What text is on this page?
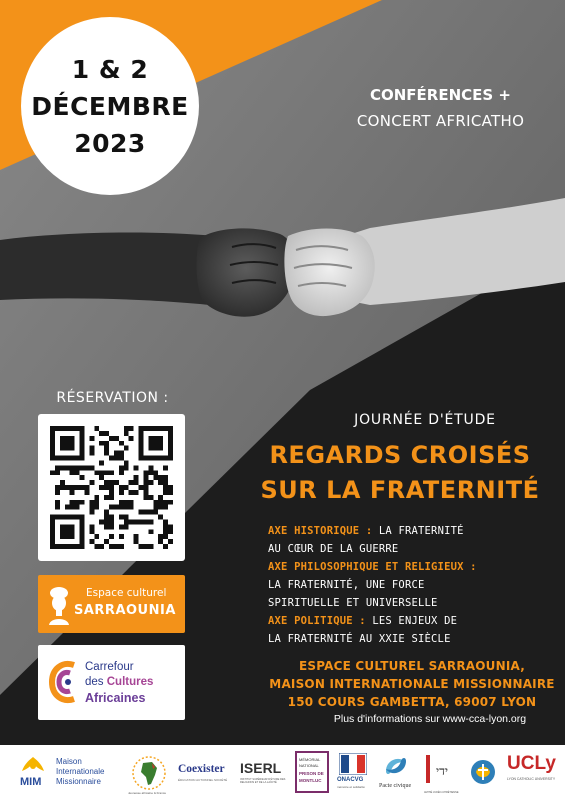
1 & 2
DÉCEMBRE
2023
CONFÉRENCES +
CONCERT AFRICATHO
RÉSERVATION :
Espace culturel
SARRAOUNIA
Carrefour
des Cultures
Africaines
JOURNÉE D'ÉTUDE
REGARDS CROISÉS
SUR LA FRATERNITÉ
AXE HISTORIQUE : LA FRATERNITÉ
AU CŒUR DE LA GUERRE
AXE PHILOSOPHIQUE ET RELIGIEUX :
LA FRATERNITÉ, UNE FORCE
SPIRITUELLE ET UNIVERSELLE
AXE POLITIQUE : LES ENJEUX DE
LA FRATERNITÉ AU XXIE SIÈCLE
ESPACE CULTUREL SARRAOUNIA,
MAISON INTERNATIONALE MISSIONNAIRE
150 COURS GAMBETTA, 69007 LYON
Plus d'informations sur www-cca-lyon.org
MIM
Maison
Internationale
Missionnaire
Jeunesse africaine & France
Coexister
ÉDUCATION ACTIONNEL SOCIÉTÉ
ISERL
INSTITUT SUPÉRIEUR D'ÉTUDE DES RELIGIONS ET DE LA LAÏCITÉ
MÉMORIAL
NATIONAL
PRISON DE
MONTLUC	ONACVG
mémoire et solidarité Pacte civique
ידי
AMITIÉ JUDÉO-CHRÉTIENNE
UCLy
LYON CATHOLIC UNIVERSITY
